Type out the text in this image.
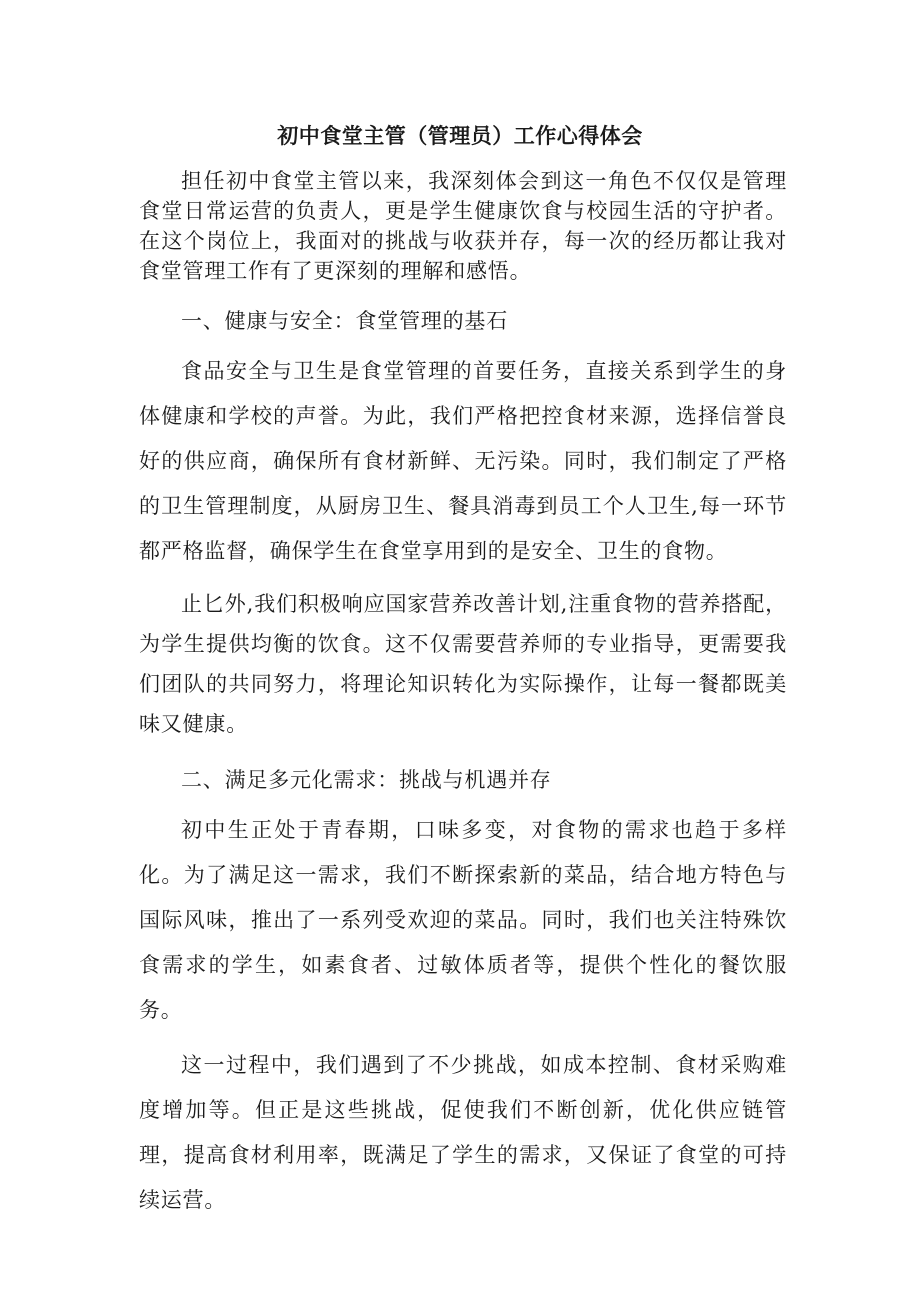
初中食堂主管（管理员）工作心得体会

担任初中食堂主管以来，我深刻体会到这一角色不仅仅是管理食堂日常运营的负责人，更是学生健康饮食与校园生活的守护者。在这个岗位上，我面对的挑战与收获并存，每一次的经历都让我对食堂管理工作有了更深刻的理解和感悟。

一、健康与安全：食堂管理的基石

食品安全与卫生是食堂管理的首要任务，直接关系到学生的身体健康和学校的声誉。为此，我们严格把控食材来源，选择信誉良好的供应商，确保所有食材新鲜、无污染。同时，我们制定了严格的卫生管理制度，从厨房卫生、餐具消毒到员工个人卫生,每一环节都严格监督，确保学生在食堂享用到的是安全、卫生的食物。

止匕外,我们积极响应国家营养改善计划,注重食物的营养搭配，为学生提供均衡的饮食。这不仅需要营养师的专业指导，更需要我们团队的共同努力，将理论知识转化为实际操作，让每一餐都既美味又健康。

二、满足多元化需求：挑战与机遇并存

初中生正处于青春期，口味多变，对食物的需求也趋于多样化。为了满足这一需求，我们不断探索新的菜品，结合地方特色与国际风味，推出了一系列受欢迎的菜品。同时，我们也关注特殊饮食需求的学生，如素食者、过敏体质者等，提供个性化的餐饮服务。

这一过程中，我们遇到了不少挑战，如成本控制、食材采购难度增加等。但正是这些挑战，促使我们不断创新，优化供应链管理，提高食材利用率，既满足了学生的需求，又保证了食堂的可持续运营。
